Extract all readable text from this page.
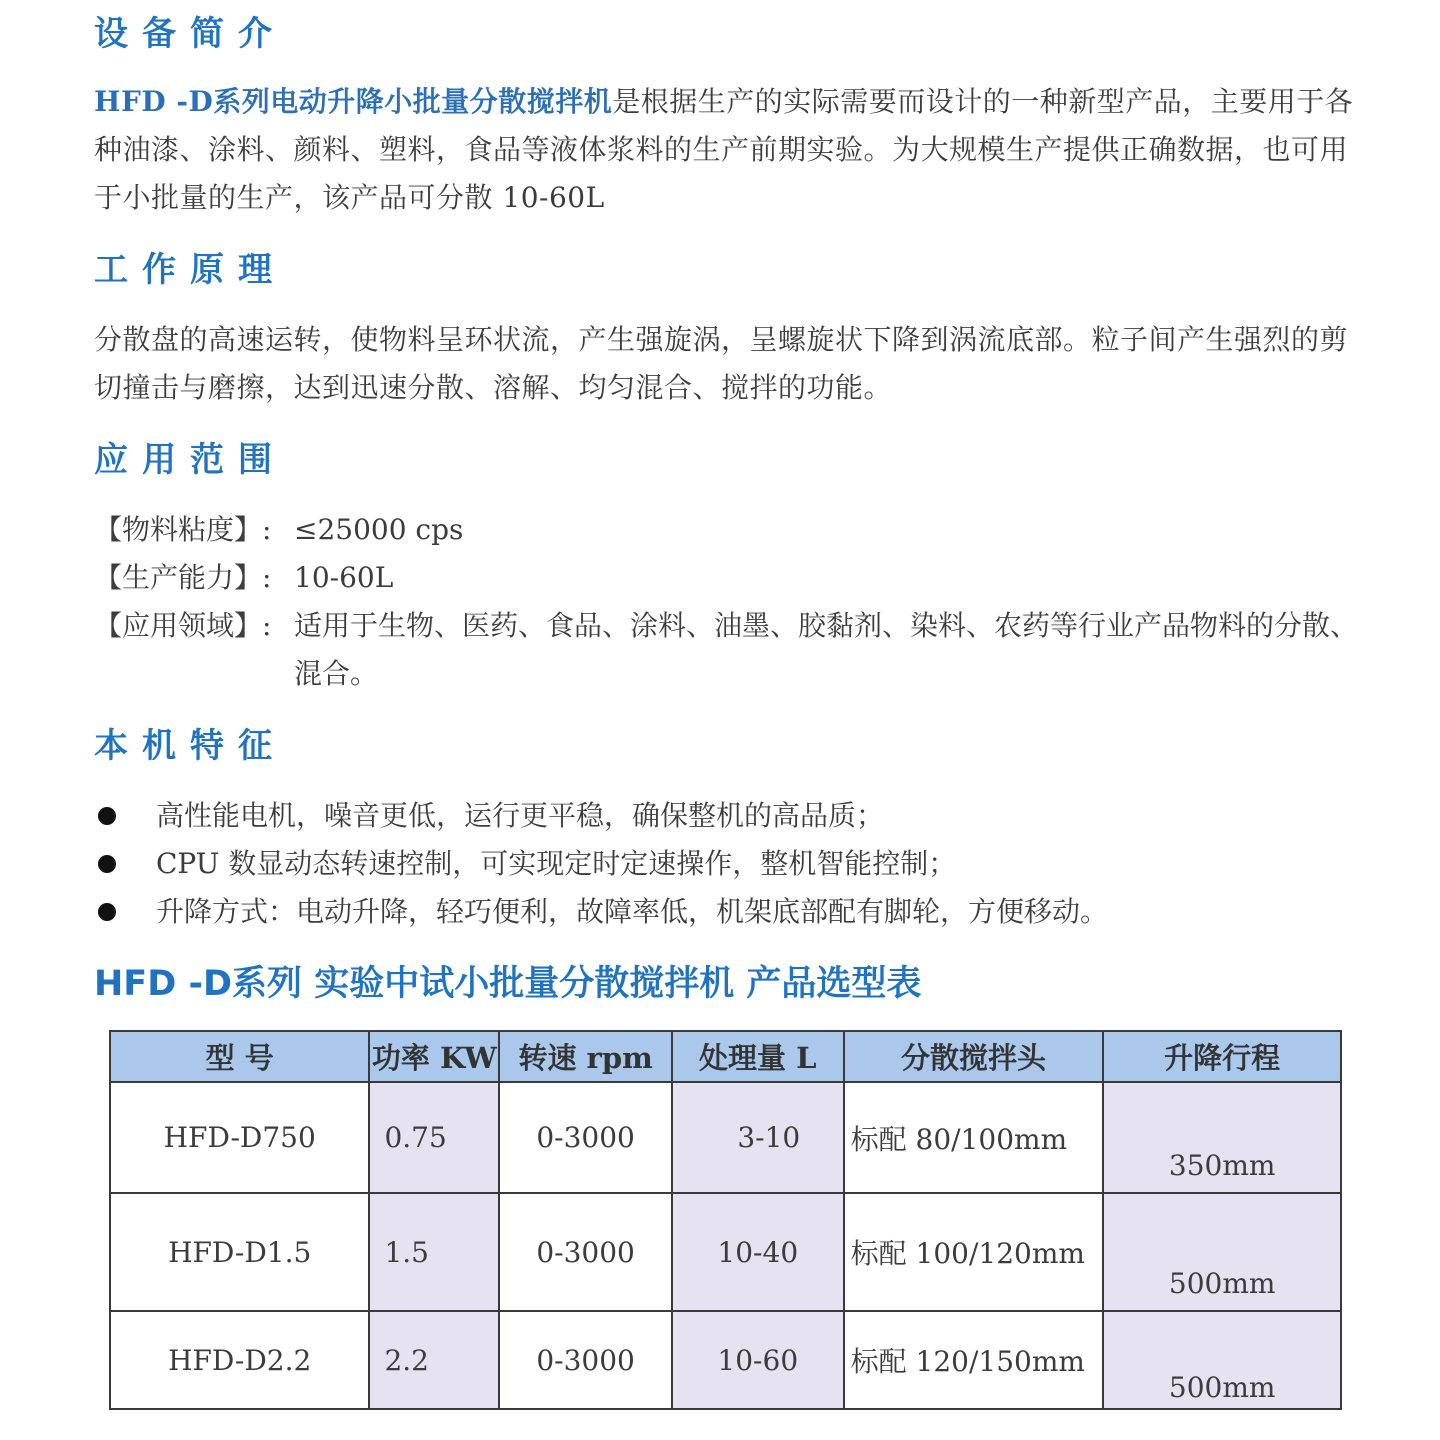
设备简介

HFD -D系列电动升降小批量分散搅拌机是根据生产的实际需要而设计的一种新型产品，主要用于各种油漆、涂料、颜料、塑料，食品等液体浆料的生产前期实验。为大规模生产提供正确数据，也可用于小批量的生产，该产品可分散 10-60L

工作原理

分散盘的高速运转，使物料呈环状流，产生强旋涡，呈螺旋状下降到涡流底部。粒子间产生强烈的剪切撞击与磨擦，达到迅速分散、溶解、均匀混合、搅拌的功能。

应用范围
【物料粘度】: ≤25000 cps
【生产能力】: 10-60L
【应用领域】: 适用于生物、医药、食品、涂料、油墨、胶黏剂、染料、农药等行业产品物料的分散、混合。
本机特征
高性能电机，噪音更低，运行更平稳，确保整机的高品质；
CPU 数显动态转速控制，可实现定时定速操作，整机智能控制；
升降方式：电动升降，轻巧便利，故障率低，机架底部配有脚轮，方便移动。
HFD -D系列 实验中试小批量分散搅拌机 产品选型表
型 号	功率 KW	转速 rpm	处理量 L	分散搅拌头	升降行程
HFD-D750	0.75	0-3000	3-10	标配 80/100mm	350mm
HFD-D1.5	1.5	0-3000	10-40	标配 100/120mm	500mm
HFD-D2.2	2.2	0-3000	10-60	标配 120/150mm	500mm
